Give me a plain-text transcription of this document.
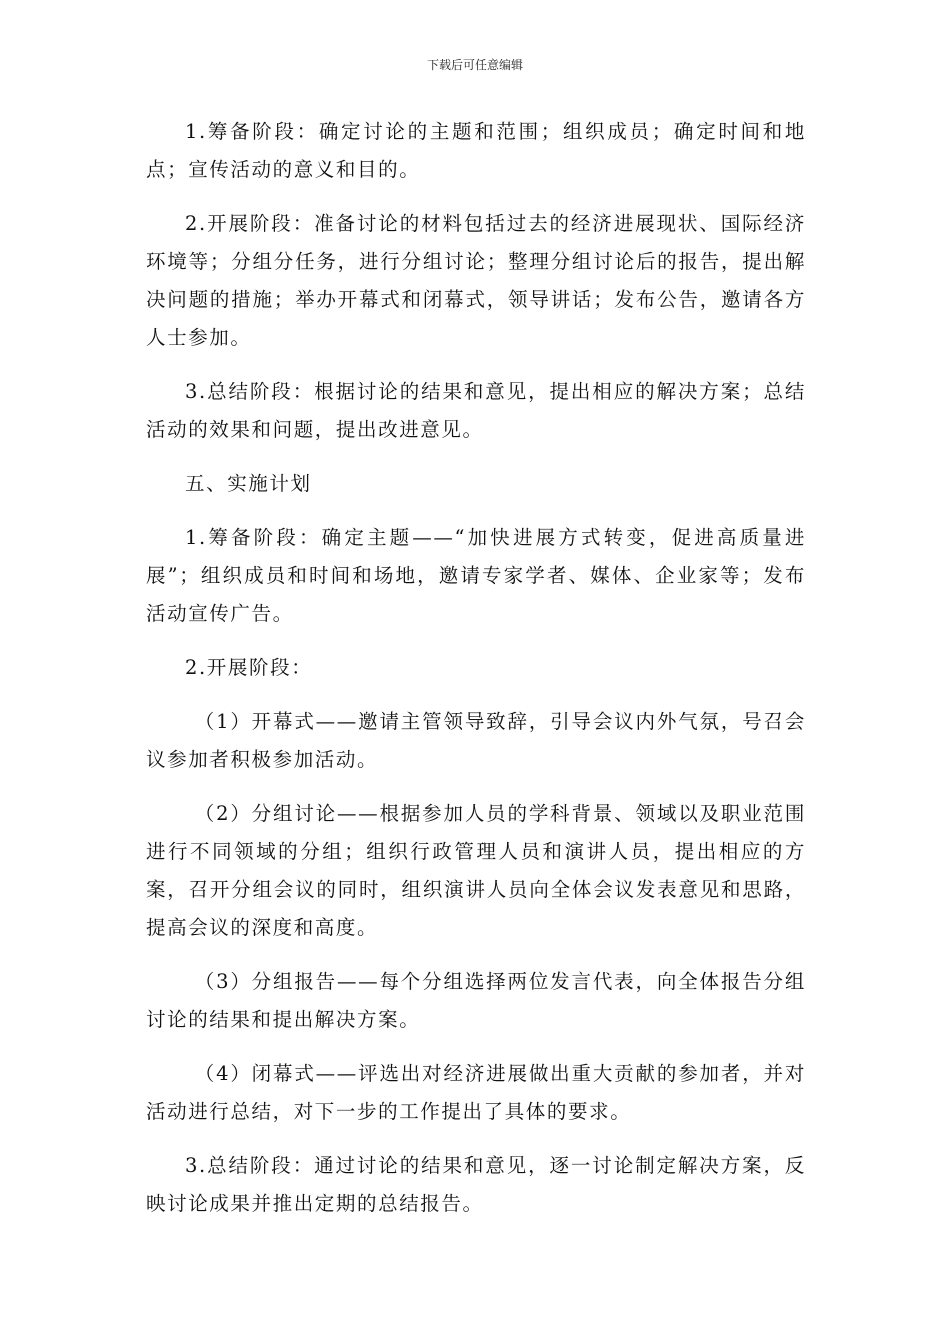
下载后可任意编辑

1.筹备阶段：确定讨论的主题和范围；组织成员；确定时间和地点；宣传活动的意义和目的。

2.开展阶段：准备讨论的材料包括过去的经济进展现状、国际经济环境等；分组分任务，进行分组讨论；整理分组讨论后的报告，提出解决问题的措施；举办开幕式和闭幕式，领导讲话；发布公告，邀请各方人士参加。

3.总结阶段：根据讨论的结果和意见，提出相应的解决方案；总结活动的效果和问题，提出改进意见。

五、实施计划

1.筹备阶段：确定主题——“加快进展方式转变，促进高质量进展”；组织成员和时间和场地，邀请专家学者、媒体、企业家等；发布活动宣传广告。

2.开展阶段：

（1）开幕式——邀请主管领导致辞，引导会议内外气氛，号召会议参加者积极参加活动。

（2）分组讨论——根据参加人员的学科背景、领域以及职业范围进行不同领域的分组；组织行政管理人员和演讲人员，提出相应的方案，召开分组会议的同时，组织演讲人员向全体会议发表意见和思路，提高会议的深度和高度。

（3）分组报告——每个分组选择两位发言代表，向全体报告分组讨论的结果和提出解决方案。

（4）闭幕式——评选出对经济进展做出重大贡献的参加者，并对活动进行总结，对下一步的工作提出了具体的要求。

3.总结阶段：通过讨论的结果和意见，逐一讨论制定解决方案，反映讨论成果并推出定期的总结报告。
